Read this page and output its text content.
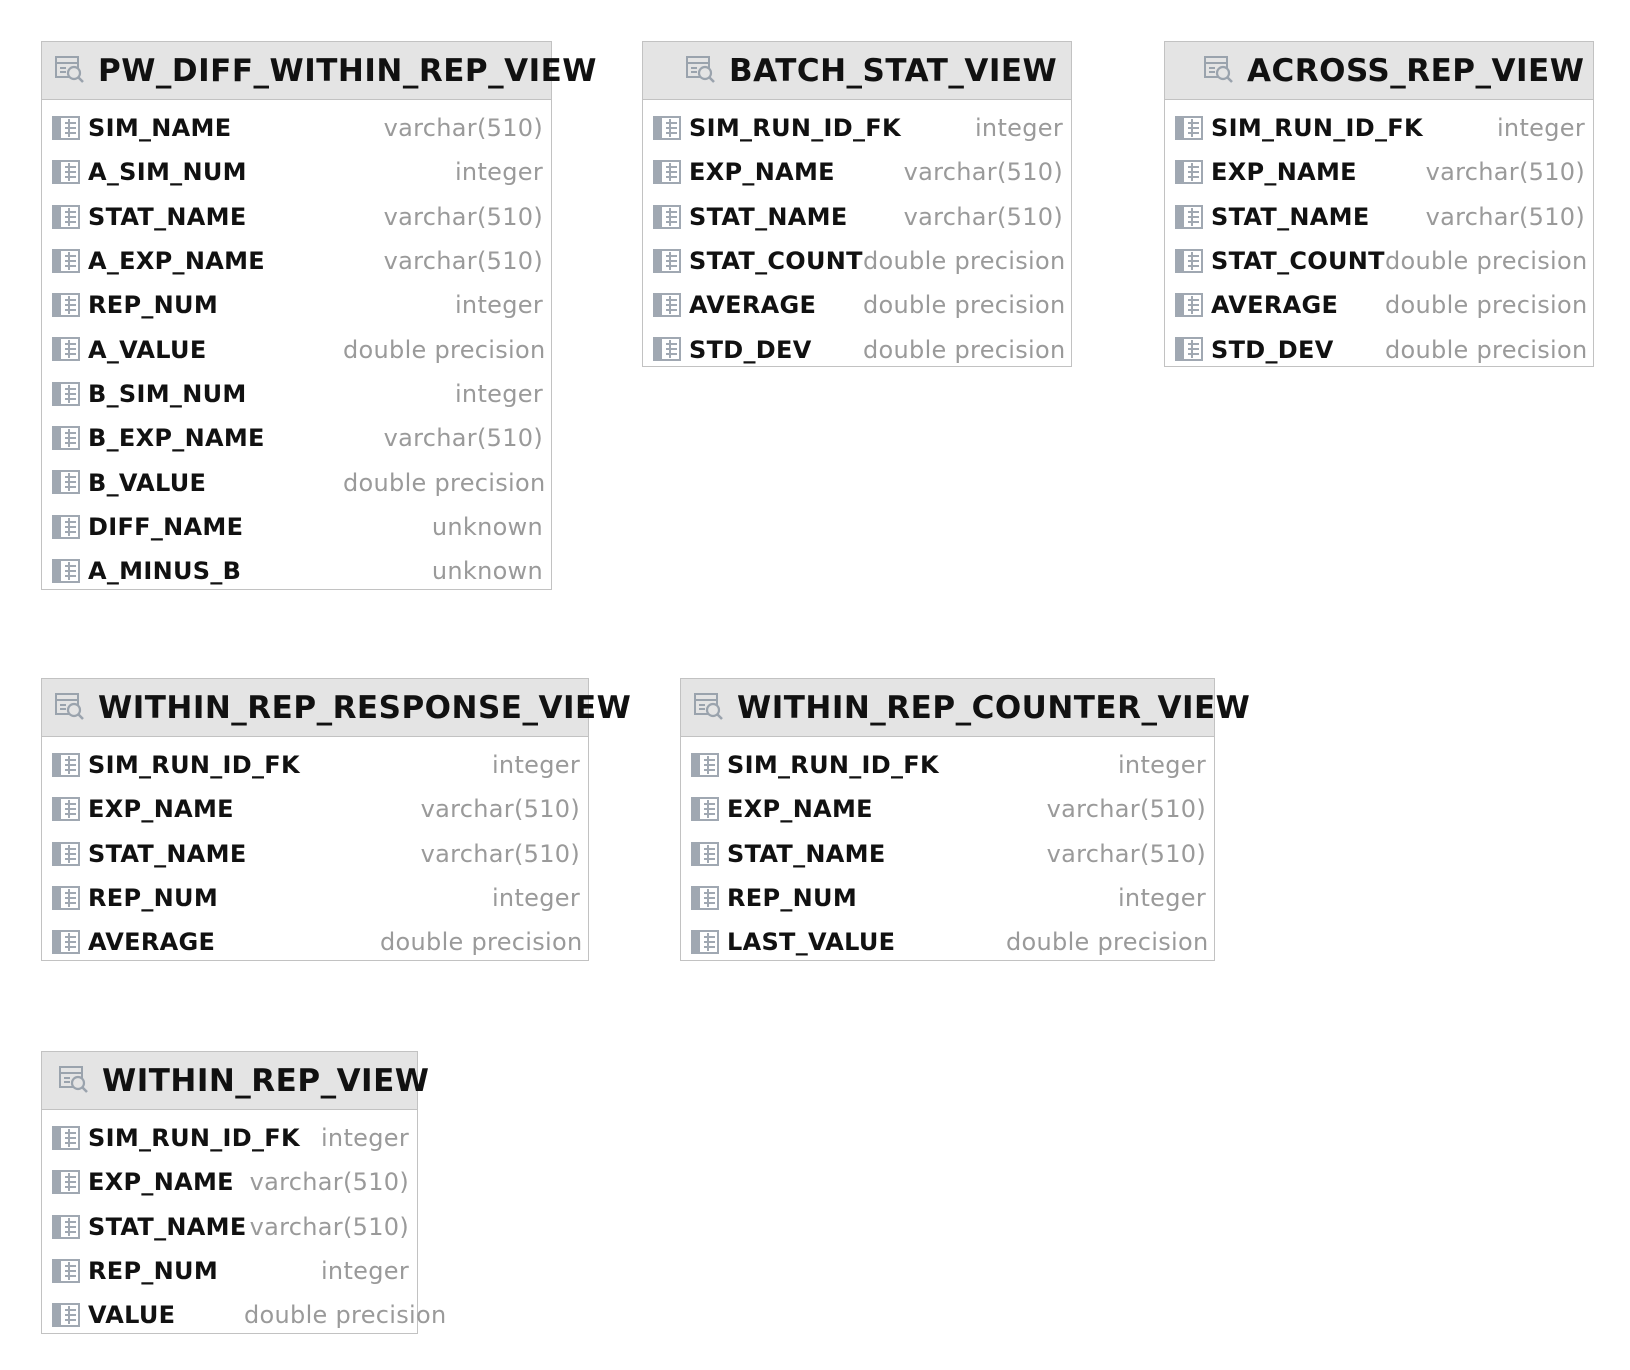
PW_DIFF_WITHIN_REP_VIEW
SIM_NAME	varchar(510)
A_SIM_NUM	integer
STAT_NAME	varchar(510)
A_EXP_NAME	varchar(510)
REP_NUM	integer
A_VALUE	double precision
B_SIM_NUM	integer
B_EXP_NAME	varchar(510)
B_VALUE	double precision
DIFF_NAME	unknown
A_MINUS_B	unknown
BATCH_STAT_VIEW
SIM_RUN_ID_FK	integer
EXP_NAME	varchar(510)
STAT_NAME varchar(510)
STAT_COUNT double precision
AVERAGE double precision
STD_DEV double precision
ACROSS_REP_VIEW
SIM_RUN_ID_FK	integer
EXP_NAME	varchar(510)
STAT_NAME varchar(510)
STAT_COUNT double precision
AVERAGE double precision
STD_DEV double precision
WITHIN_REP_RESPONSE_VIEW
SIM_RUN_ID_FK	integer
EXP_NAME	varchar(510)
STAT_NAME	varchar(510)
REP_NUM	integer
AVERAGE	double precision
WITHIN_REP_COUNTER_VIEW
SIM_RUN_ID_FK	integer
EXP_NAME	varchar(510)
STAT_NAME	varchar(510)
REP_NUM	integer
LAST_VALUE	double precision
WITHIN_REP_VIEW
SIM_RUN_ID_FK integer
EXP_NAME varchar(510)
STAT_NAME varchar(510)
REP_NUM	integer
VALUE	double precision
